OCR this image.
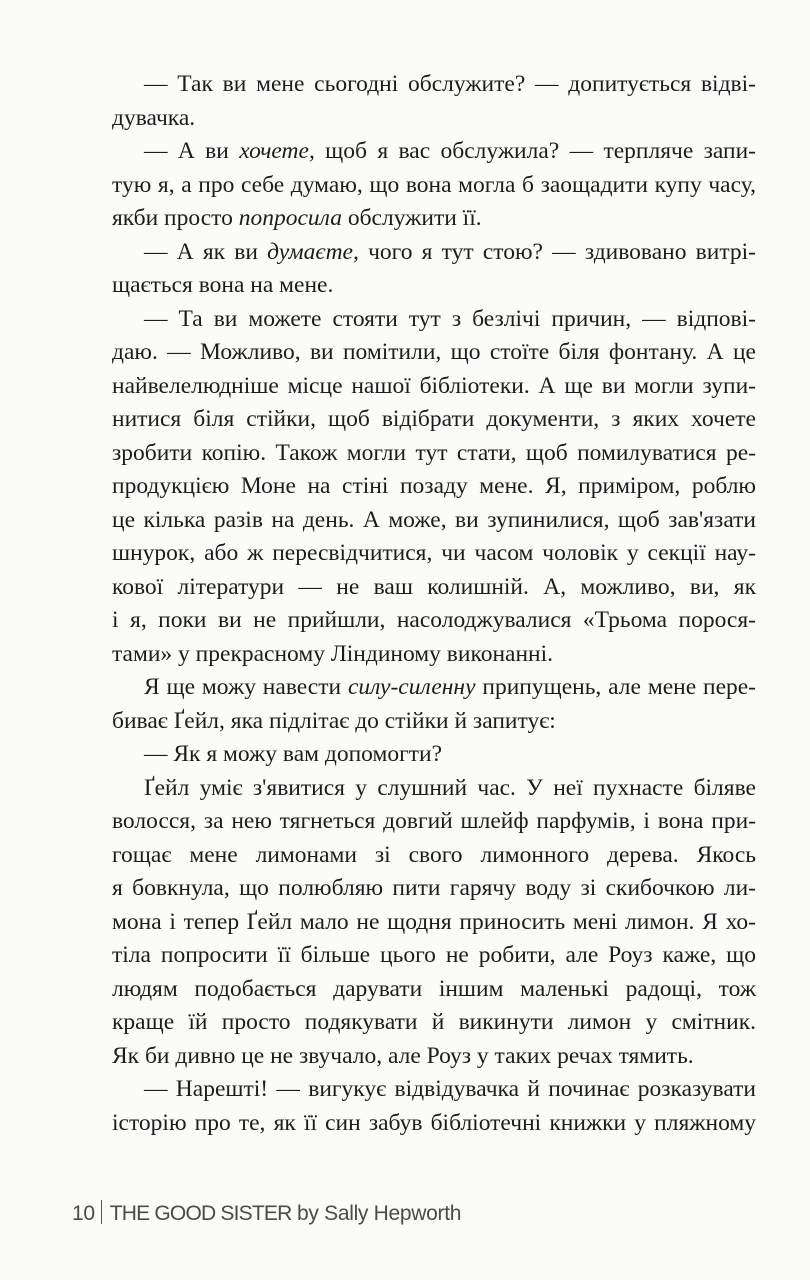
— Так ви мене сьогодні обслужите? — допитується відві-
дувачка.
— А ви хочете, щоб я вас обслужила? — терпляче запи-
тую я, а про себе думаю, що вона могла б заощадити купу часу,
якби просто попросила обслужити її.
— А як ви думаєте, чого я тут стою? — здивовано витрі-
щається вона на мене.
— Та ви можете стояти тут з безлічі причин, — відпові-
даю. — Можливо, ви помітили, що стоїте біля фонтану. А це
найвелелюдніше місце нашої бібліотеки. А ще ви могли зупи-
нитися біля стійки, щоб відібрати документи, з яких хочете
зробити копію. Також могли тут стати, щоб помилуватися ре-
продукцією Моне на стіні позаду мене. Я, приміром, роблю
це кілька разів на день. А може, ви зупинилися, щоб зав'язати
шнурок, або ж пересвідчитися, чи часом чоловік у секції нау-
кової літератури — не ваш колишній. А, можливо, ви, як
і я, поки ви не прийшли, насолоджувалися «Трьома порося-
тами» у прекрасному Ліндиному виконанні.
Я ще можу навести силу-силенну припущень, але мене пере-
биває Ґейл, яка підлітає до стійки й запитує:
— Як я можу вам допомогти?
Ґейл уміє з'явитися у слушний час. У неї пухнасте біляве
волосся, за нею тягнеться довгий шлейф парфумів, і вона при-
гощає мене лимонами зі свого лимонного дерева. Якось
я бовкнула, що полюбляю пити гарячу воду зі скибочкою ли-
мона і тепер Ґейл мало не щодня приносить мені лимон. Я хо-
тіла попросити її більше цього не робити, але Роуз каже, що
людям подобається дарувати іншим маленькі радощі, тож
краще їй просто подякувати й викинути лимон у смітник.
Як би дивно це не звучало, але Роуз у таких речах тямить.
— Нарешті! — вигукує відвідувачка й починає розказувати
історію про те, як її син забув бібліотечні книжки у пляжному
10 THE GOOD SISTER by Sally Hepworth
